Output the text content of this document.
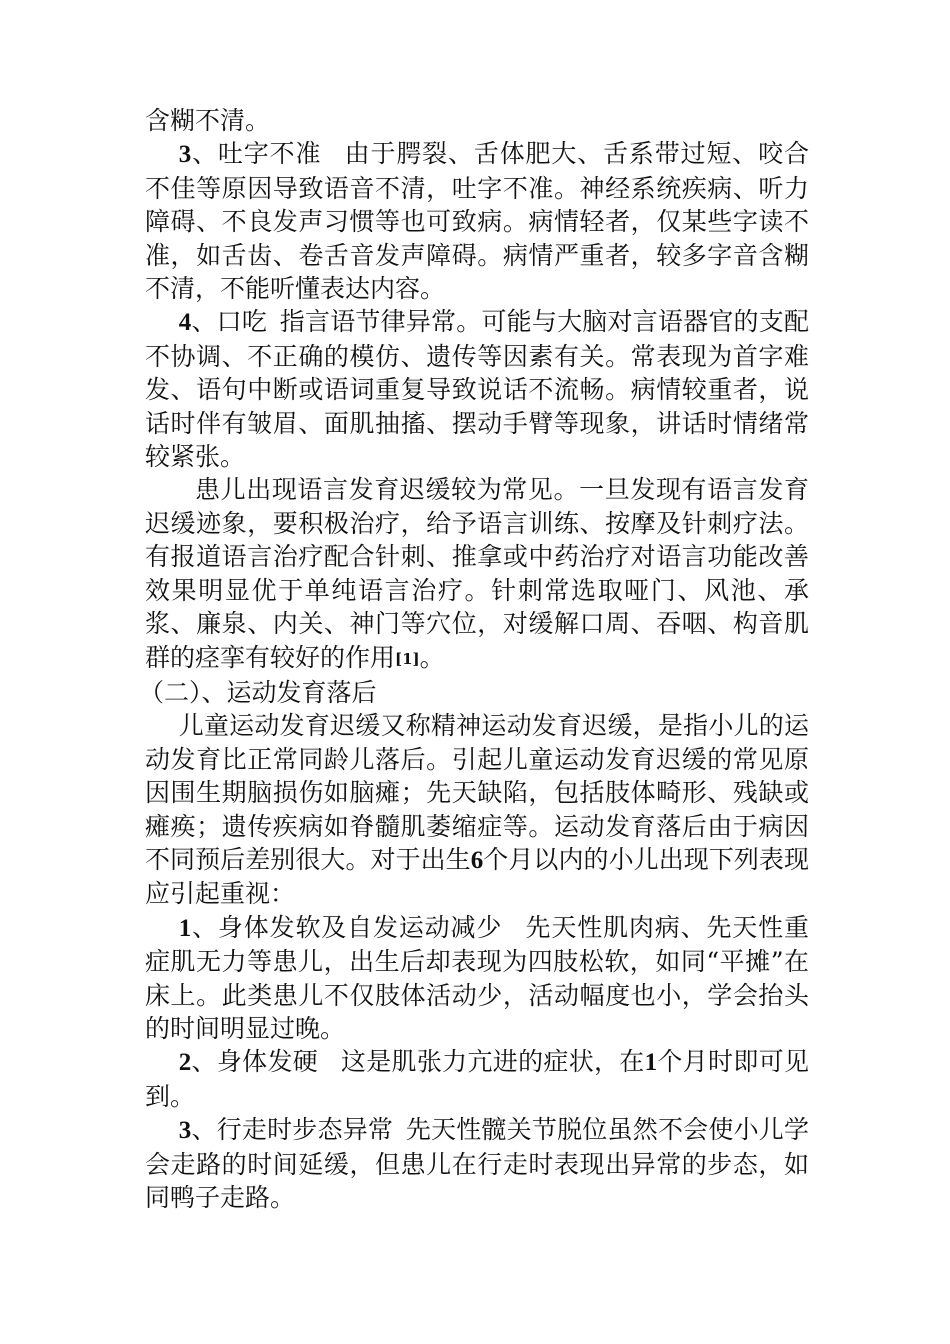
含糊不清。

3、吐字不准 由于腭裂、舌体肥大、舌系带过短、咬合不佳等原因导致语音不清，吐字不准。神经系统疾病、听力障碍、不良发声习惯等也可致病。病情轻者，仅某些字读不准，如舌齿、卷舌音发声障碍。病情严重者，较多字音含糊不清，不能听懂表达内容。

4、口吃 指言语节律异常。可能与大脑对言语器官的支配不协调、不正确的模仿、遗传等因素有关。常表现为首字难发、语句中断或语词重复导致说话不流畅。病情较重者，说话时伴有皱眉、面肌抽搐、摆动手臂等现象，讲话时情绪常较紧张。

患儿出现语言发育迟缓较为常见。一旦发现有语言发育迟缓迹象，要积极治疗，给予语言训练、按摩及针刺疗法。有报道语言治疗配合针刺、推拿或中药治疗对语言功能改善效果明显优于单纯语言治疗。针刺常选取哑门、风池、承浆、廉泉、内关、神门等穴位，对缓解口周、吞咽、构音肌群的痉挛有较好的作用[1]。

（二）、运动发育落后

儿童运动发育迟缓又称精神运动发育迟缓，是指小儿的运动发育比正常同龄儿落后。引起儿童运动发育迟缓的常见原因围生期脑损伤如脑瘫；先天缺陷，包括肢体畸形、残缺或瘫痪；遗传疾病如脊髓肌萎缩症等。运动发育落后由于病因不同预后差别很大。对于出生6个月以内的小儿出现下列表现应引起重视：

1、身体发软及自发运动减少 先天性肌肉病、先天性重症肌无力等患儿，出生后却表现为四肢松软，如同“平摊”在床上。此类患儿不仅肢体活动少，活动幅度也小，学会抬头的时间明显过晚。

2、身体发硬 这是肌张力亢进的症状，在1个月时即可见到。

3、行走时步态异常 先天性髋关节脱位虽然不会使小儿学会走路的时间延缓，但患儿在行走时表现出异常的步态，如同鸭子走路。
